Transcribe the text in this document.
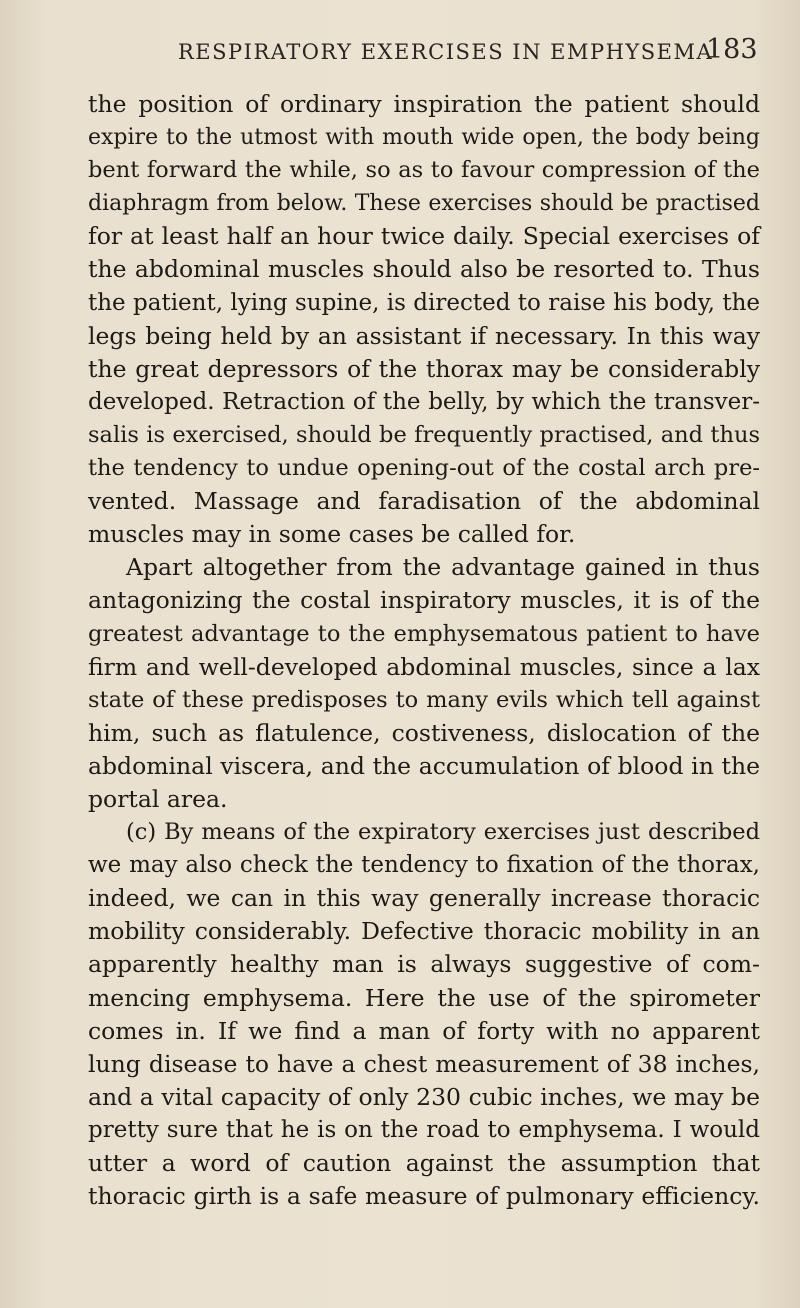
RESPIRATORY EXERCISES IN EMPHYSEMA
183
the position of ordinary inspiration the patient should
expire to the utmost with mouth wide open, the body being
bent forward the while, so as to favour compression of the
diaphragm from below. These exercises should be practised
for at least half an hour twice daily. Special exercises of
the abdominal muscles should also be resorted to. Thus
the patient, lying supine, is directed to raise his body, the
legs being held by an assistant if necessary. In this way
the great depressors of the thorax may be considerably
developed. Retraction of the belly, by which the transver-
salis is exercised, should be frequently practised, and thus
the tendency to undue opening-out of the costal arch pre-
vented. Massage and faradisation of the abdominal
muscles may in some cases be called for.
Apart altogether from the advantage gained in thus
antagonizing the costal inspiratory muscles, it is of the
greatest advantage to the emphysematous patient to have
firm and well-developed abdominal muscles, since a lax
state of these predisposes to many evils which tell against
him, such as flatulence, costiveness, dislocation of the
abdominal viscera, and the accumulation of blood in the
portal area.
(c) By means of the expiratory exercises just described
we may also check the tendency to fixation of the thorax,
indeed, we can in this way generally increase thoracic
mobility considerably. Defective thoracic mobility in an
apparently healthy man is always suggestive of com-
mencing emphysema. Here the use of the spirometer
comes in. If we find a man of forty with no apparent
lung disease to have a chest measurement of 38 inches,
and a vital capacity of only 230 cubic inches, we may be
pretty sure that he is on the road to emphysema. I would
utter a word of caution against the assumption that
thoracic girth is a safe measure of pulmonary efficiency.
